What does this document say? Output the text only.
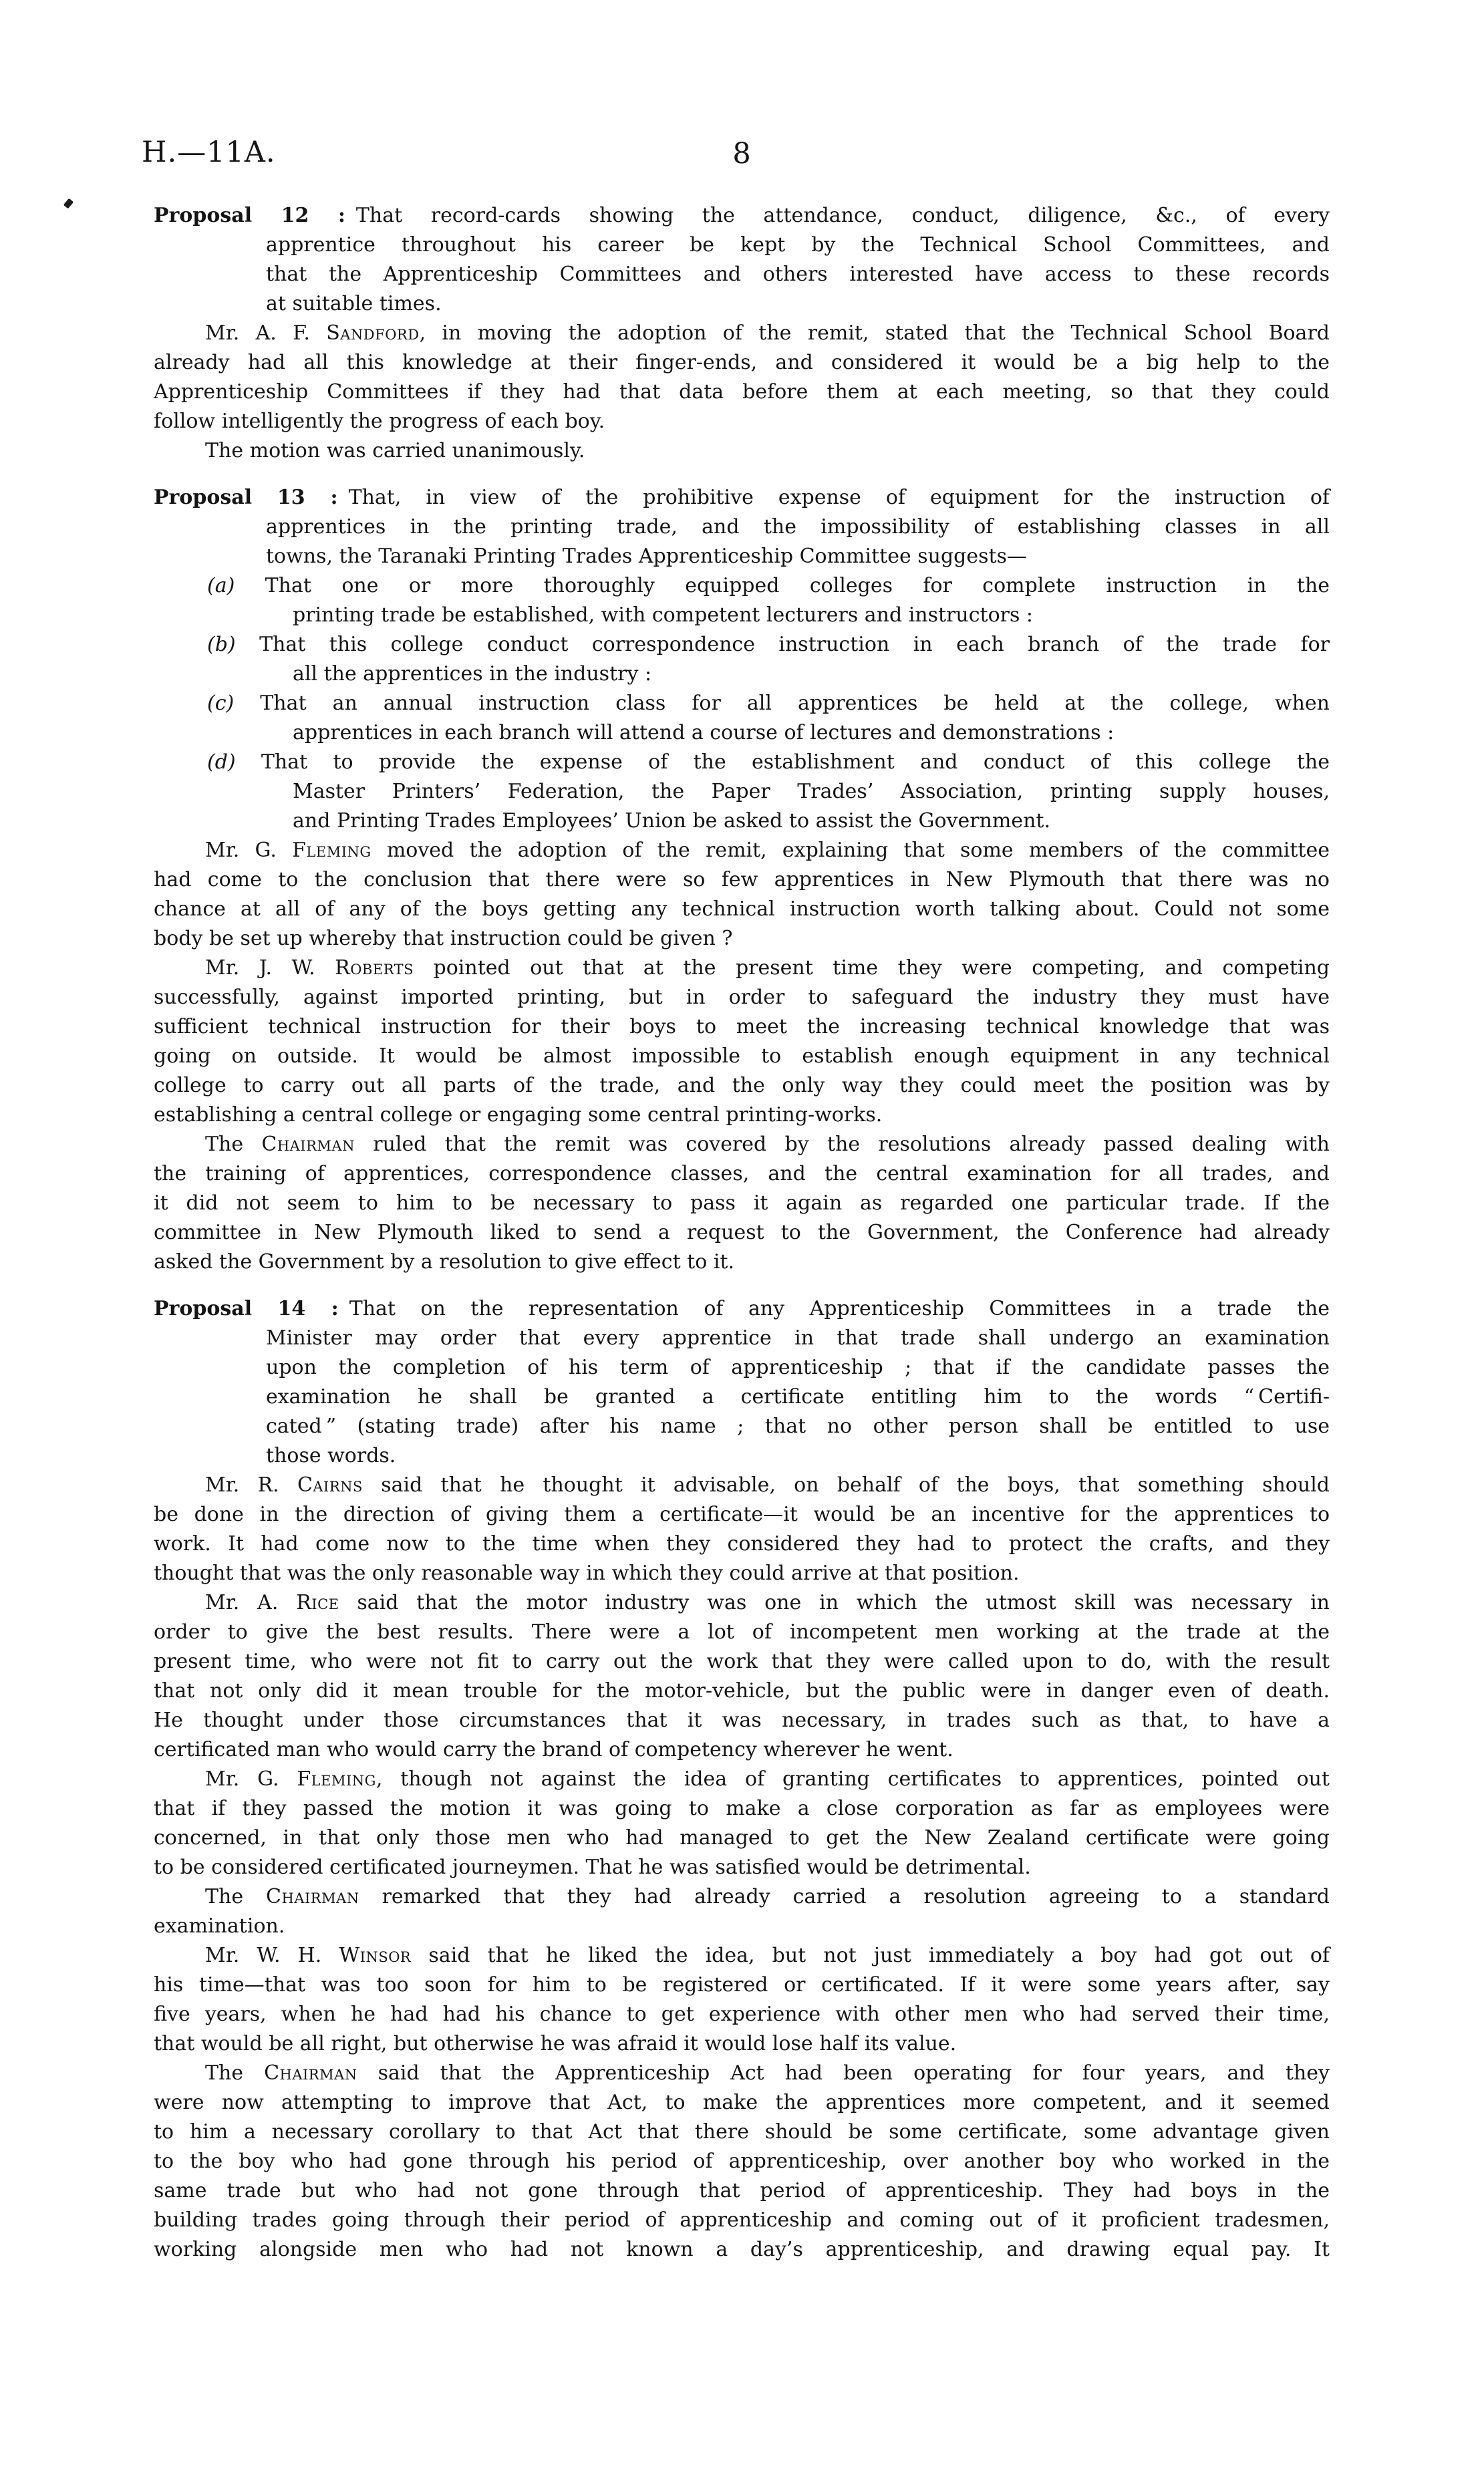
H.—11A.	8
Proposal 12 : That record-cards showing the attendance, conduct, diligence, &c., of every
apprentice throughout his career be kept by the Technical School Committees, and
that the Apprenticeship Committees and others interested have access to these records
at suitable times.
Mr. A. F. Sandford, in moving the adoption of the remit, stated that the Technical School Board
already had all this knowledge at their finger-ends, and considered it would be a big help to the
Apprenticeship Committees if they had that data before them at each meeting, so that they could
follow intelligently the progress of each boy.
The motion was carried unanimously.
Proposal 13 : That, in view of the prohibitive expense of equipment for the instruction of
apprentices in the printing trade, and the impossibility of establishing classes in all
towns, the Taranaki Printing Trades Apprenticeship Committee suggests—
(a) That one or more thoroughly equipped colleges for complete instruction in the
printing trade be established, with competent lecturers and instructors :
(b) That this college conduct correspondence instruction in each branch of the trade for
all the apprentices in the industry :
(c) That an annual instruction class for all apprentices be held at the college, when
apprentices in each branch will attend a course of lectures and demonstrations :
(d) That to provide the expense of the establishment and conduct of this college the
Master Printers’ Federation, the Paper Trades’ Association, printing supply houses,
and Printing Trades Employees’ Union be asked to assist the Government.
Mr. G. Fleming moved the adoption of the remit, explaining that some members of the committee
had come to the conclusion that there were so few apprentices in New Plymouth that there was no
chance at all of any of the boys getting any technical instruction worth talking about. Could not some
body be set up whereby that instruction could be given ?
Mr. J. W. Roberts pointed out that at the present time they were competing, and competing
successfully, against imported printing, but in order to safeguard the industry they must have
sufficient technical instruction for their boys to meet the increasing technical knowledge that was
going on outside. It would be almost impossible to establish enough equipment in any technical
college to carry out all parts of the trade, and the only way they could meet the position was by
establishing a central college or engaging some central printing-works.
The Chairman ruled that the remit was covered by the resolutions already passed dealing with
the training of apprentices, correspondence classes, and the central examination for all trades, and
it did not seem to him to be necessary to pass it again as regarded one particular trade. If the
committee in New Plymouth liked to send a request to the Government, the Conference had already
asked the Government by a resolution to give effect to it.
Proposal 14 : That on the representation of any Apprenticeship Committees in a trade the
Minister may order that every apprentice in that trade shall undergo an examination
upon the completion of his term of apprenticeship ; that if the candidate passes the
examination he shall be granted a certificate entitling him to the words “ Certifi-
cated ” (stating trade) after his name ; that no other person shall be entitled to use
those words.
Mr. R. Cairns said that he thought it advisable, on behalf of the boys, that something should
be done in the direction of giving them a certificate—it would be an incentive for the apprentices to
work. It had come now to the time when they considered they had to protect the crafts, and they
thought that was the only reasonable way in which they could arrive at that position.
Mr. A. Rice said that the motor industry was one in which the utmost skill was necessary in
order to give the best results. There were a lot of incompetent men working at the trade at the
present time, who were not fit to carry out the work that they were called upon to do, with the result
that not only did it mean trouble for the motor-vehicle, but the public were in danger even of death.
He thought under those circumstances that it was necessary, in trades such as that, to have a
certificated man who would carry the brand of competency wherever he went.
Mr. G. Fleming, though not against the idea of granting certificates to apprentices, pointed out
that if they passed the motion it was going to make a close corporation as far as employees were
concerned, in that only those men who had managed to get the New Zealand certificate were going
to be considered certificated journeymen. That he was satisfied would be detrimental.
The Chairman remarked that they had already carried a resolution agreeing to a standard
examination.
Mr. W. H. Winsor said that he liked the idea, but not just immediately a boy had got out of
his time—that was too soon for him to be registered or certificated. If it were some years after, say
five years, when he had had his chance to get experience with other men who had served their time,
that would be all right, but otherwise he was afraid it would lose half its value.
The Chairman said that the Apprenticeship Act had been operating for four years, and they
were now attempting to improve that Act, to make the apprentices more competent, and it seemed
to him a necessary corollary to that Act that there should be some certificate, some advantage given
to the boy who had gone through his period of apprenticeship, over another boy who worked in the
same trade but who had not gone through that period of apprenticeship. They had boys in the
building trades going through their period of apprenticeship and coming out of it proficient tradesmen,
working alongside men who had not known a day’s apprenticeship, and drawing equal pay. It
